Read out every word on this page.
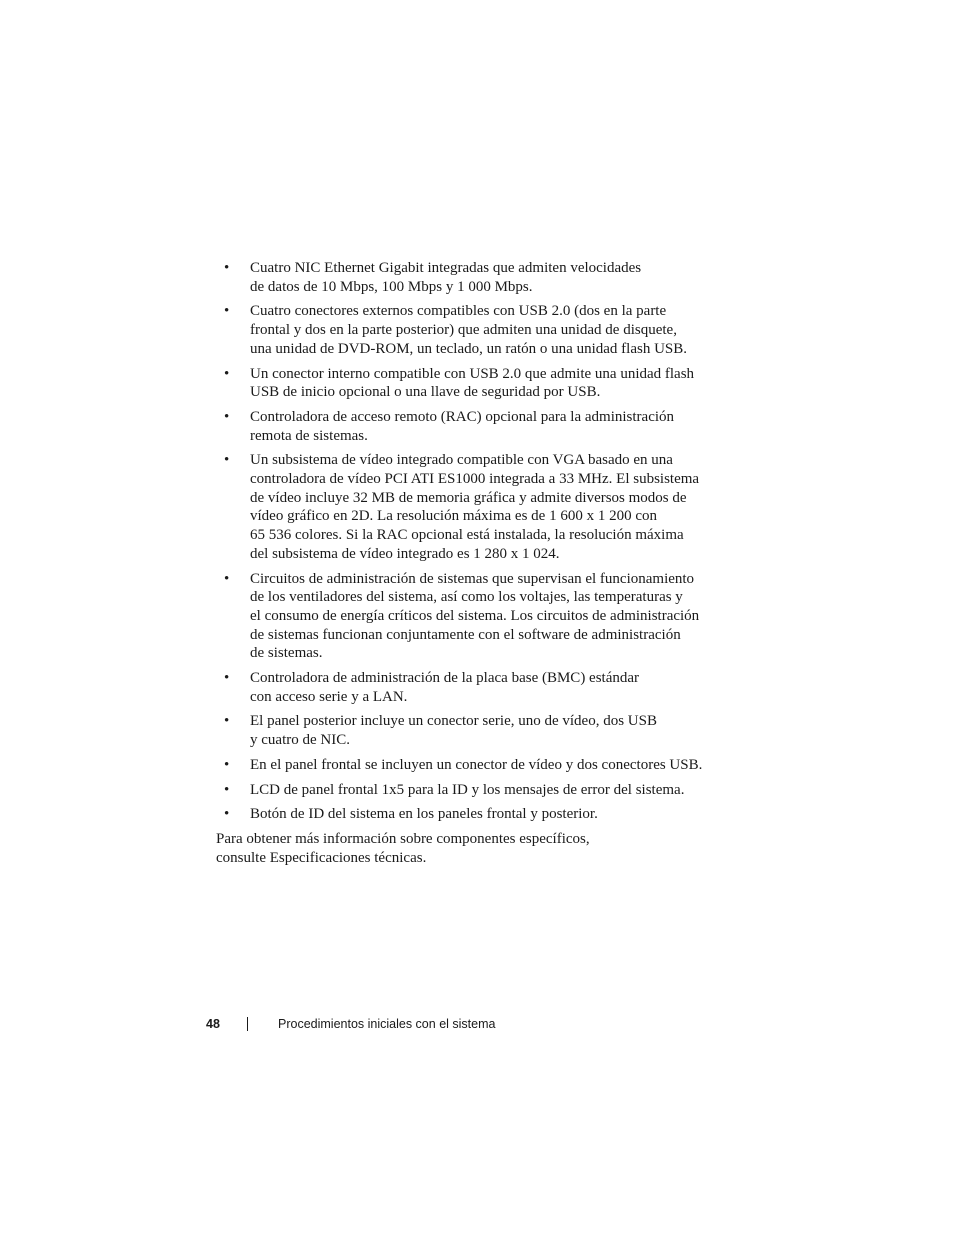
• Cuatro NIC Ethernet Gigabit integradas que admiten velocidades
de datos de 10 Mbps, 100 Mbps y 1 000 Mbps.
• Cuatro conectores externos compatibles con USB 2.0 (dos en la parte
frontal y dos en la parte posterior) que admiten una unidad de disquete,
una unidad de DVD-ROM, un teclado, un ratón o una unidad flash USB.
• Un conector interno compatible con USB 2.0 que admite una unidad flash
USB de inicio opcional o una llave de seguridad por USB.
• Controladora de acceso remoto (RAC) opcional para la administración
remota de sistemas.
• Un subsistema de vídeo integrado compatible con VGA basado en una
controladora de vídeo PCI ATI ES1000 integrada a 33 MHz. El subsistema
de vídeo incluye 32 MB de memoria gráfica y admite diversos modos de
vídeo gráfico en 2D. La resolución máxima es de 1 600 x 1 200 con
65 536 colores. Si la RAC opcional está instalada, la resolución máxima
del subsistema de vídeo integrado es 1 280 x 1 024.
• Circuitos de administración de sistemas que supervisan el funcionamiento
de los ventiladores del sistema, así como los voltajes, las temperaturas y
el consumo de energía críticos del sistema. Los circuitos de administración
de sistemas funcionan conjuntamente con el software de administración
de sistemas.
• Controladora de administración de la placa base (BMC) estándar
con acceso serie y a LAN.
• El panel posterior incluye un conector serie, uno de vídeo, dos USB
y cuatro de NIC.
• En el panel frontal se incluyen un conector de vídeo y dos conectores USB.
• LCD de panel frontal 1x5 para la ID y los mensajes de error del sistema.
• Botón de ID del sistema en los paneles frontal y posterior.

Para obtener más información sobre componentes específicos,
consulte Especificaciones técnicas.

48	Procedimientos iniciales con el sistema
